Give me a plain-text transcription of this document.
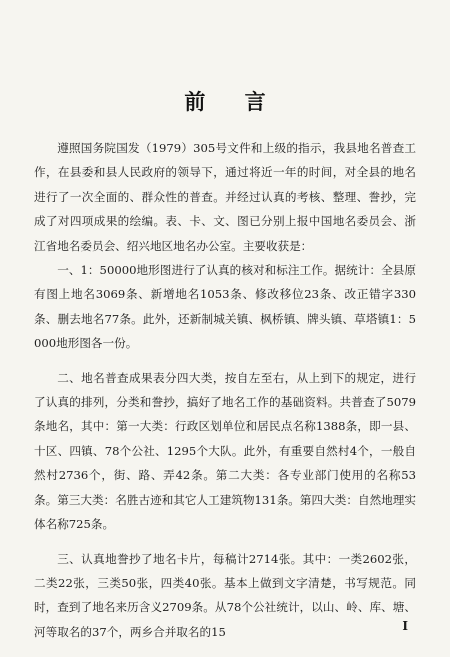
前 言

遵照国务院国发（1979）305号文件和上级的指示，我县地名普查工作，在县委和县人民政府的领导下，通过将近一年的时间，对全县的地名进行了一次全面的、群众性的普查。并经过认真的考核、整理、誊抄，完成了对四项成果的绘编。表、卡、文、图已分别上报中国地名委员会、浙江省地名委员会、绍兴地区地名办公室。主要收获是：

一、1：50000地形图进行了认真的核对和标注工作。据统计：全县原有图上地名3069条、新增地名1053条、修改移位23条、改正错字330条、删去地名77条。此外，还新制城关镇、枫桥镇、牌头镇、草塔镇1：5000地形图各一份。

二、地名普查成果表分四大类，按自左至右，从上到下的规定，进行了认真的排列，分类和誊抄，搞好了地名工作的基础资料。共普查了5079条地名，其中：第一大类：行政区划单位和居民点名称1388条，即一县、十区、四镇、78个公社、1295个大队。此外，有重要自然村4个，一般自然村2736个，街、路、弄42条。第二大类：各专业部门使用的名称53条。第三大类：名胜古迹和其它人工建筑物131条。第四大类：自然地理实体名称725条。

三、认真地誊抄了地名卡片，每稿计2714张。其中：一类2602张，二类22张，三类50张，四类40张。基本上做到文字清楚，书写规范。同时，查到了地名来历含义2709条。从78个公社统计，以山、岭、库、塘、河等取名的37个，两乡合并取名的15	I
